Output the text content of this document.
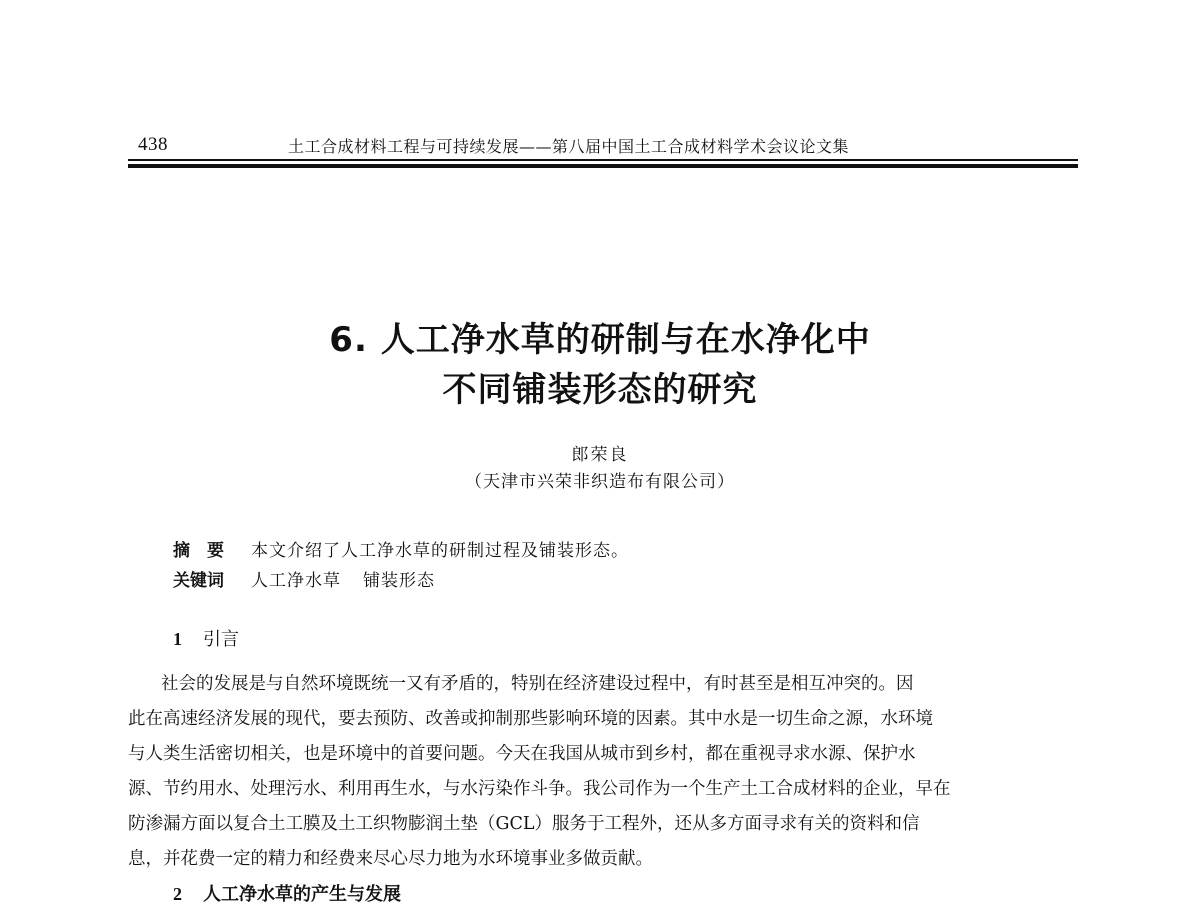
438	土工合成材料工程与可持续发展——第八届中国土工合成材料学术会议论文集
6. 人工净水草的研制与在水净化中
不同铺装形态的研究
郎荣良
（天津市兴荣非织造布有限公司）
摘　要 本文介绍了人工净水草的研制过程及铺装形态。
关键词 人工净水草 铺装形态
1 引言
社会的发展是与自然环境既统一又有矛盾的，特别在经济建设过程中，有时甚至是相互冲突的。因
此在高速经济发展的现代，要去预防、改善或抑制那些影响环境的因素。其中水是一切生命之源，水环境
与人类生活密切相关，也是环境中的首要问题。今天在我国从城市到乡村，都在重视寻求水源、保护水
源、节约用水、处理污水、利用再生水，与水污染作斗争。我公司作为一个生产土工合成材料的企业，早在
防渗漏方面以复合土工膜及土工织物膨润土垫（GCL）服务于工程外，还从多方面寻求有关的资料和信
息，并花费一定的精力和经费来尽心尽力地为水环境事业多做贡献。
2 人工净水草的产生与发展
